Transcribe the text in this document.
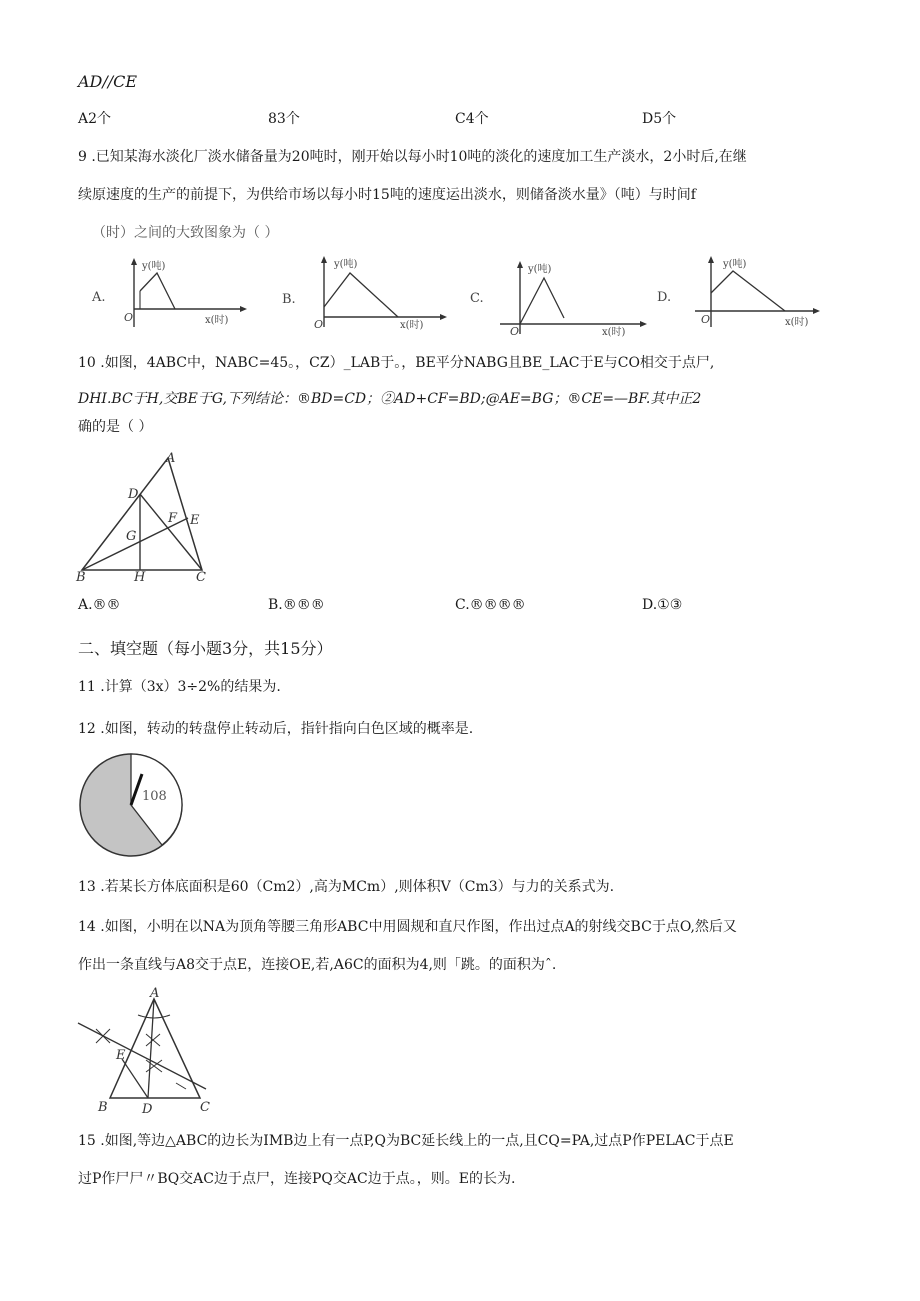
AD//CE
A2个	83个	C4个	D5个
9 .已知某海水淡化厂淡水储备量为20吨时，刚开始以每小时10吨的淡化的速度加工生产淡水，2小时后,在继
续原速度的生产的前提下，为供给市场以每小时15吨的速度运出淡水，则储备淡水量》（吨）与时间f
（时）之间的大致图象为（ ）
A.
y(吨)
O	x(时)
B.
y(吨)
O	x(时)
C.
y(吨)
O	x(时)
D.
y(吨)
O	x(时)
10 .如图，4ABC中，NABC=45。，CZ）_LAB于。，BE平分NABG且BE_LAC于E与CO相交于点尸,
DHI.BC于H,交BE于G,下列结论：®BD=CD；②AD+CF=BD;@AE=BG；®CE=—BF.其中正2
确的是（ ）
A
D
F E
G
B	H	C
A.®®	B.®®®	C.®®®®	D.①③
二、填空题（每小题3分，共15分）
11 .计算（3x）3÷2%的结果为.
12 .如图，转动的转盘停止转动后，指针指向白色区域的概率是.
108
13 .若某长方体底面积是60（Cm2）,高为MCm）,则体积V（Cm3）与力的关系式为.
14 .如图，小明在以NA为顶角等腰三角形ABC中用圆规和直尺作图，作出过点A的射线交BC于点O,然后又
作出一条直线与A8交于点E，连接OE,若,A6C的面积为4,则「跳。的面积为ˆ.
A
E
B	D	C
15 .如图,等边△ABC的边长为IMB边上有一点P,Q为BC延长线上的一点,且CQ=PA,过点P作PELAC于点E
过P作尸尸〃BQ交AC边于点尸，连接PQ交AC边于点。，则。E的长为.
